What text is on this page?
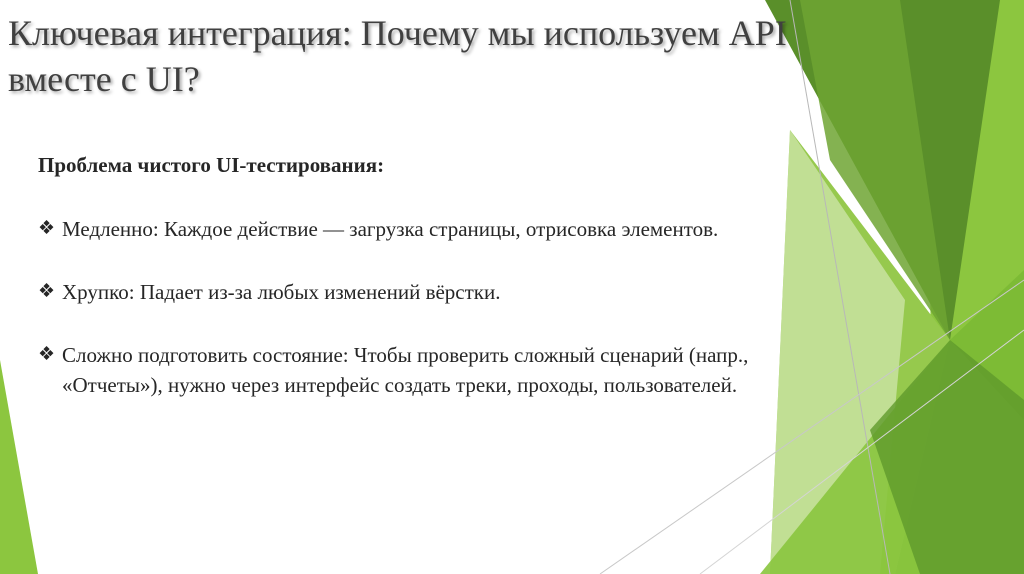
Ключевая интеграция: Почему мы используем API вместе с UI?

Проблема чистого UI-тестирования:

❖ Медленно: Каждое действие — загрузка страницы, отрисовка элементов.
❖ Хрупко: Падает из-за любых изменений вёрстки.
❖ Сложно подготовить состояние: Чтобы проверить сложный сценарий (напр., «Отчеты»), нужно через интерфейс создать треки, проходы, пользователей.
